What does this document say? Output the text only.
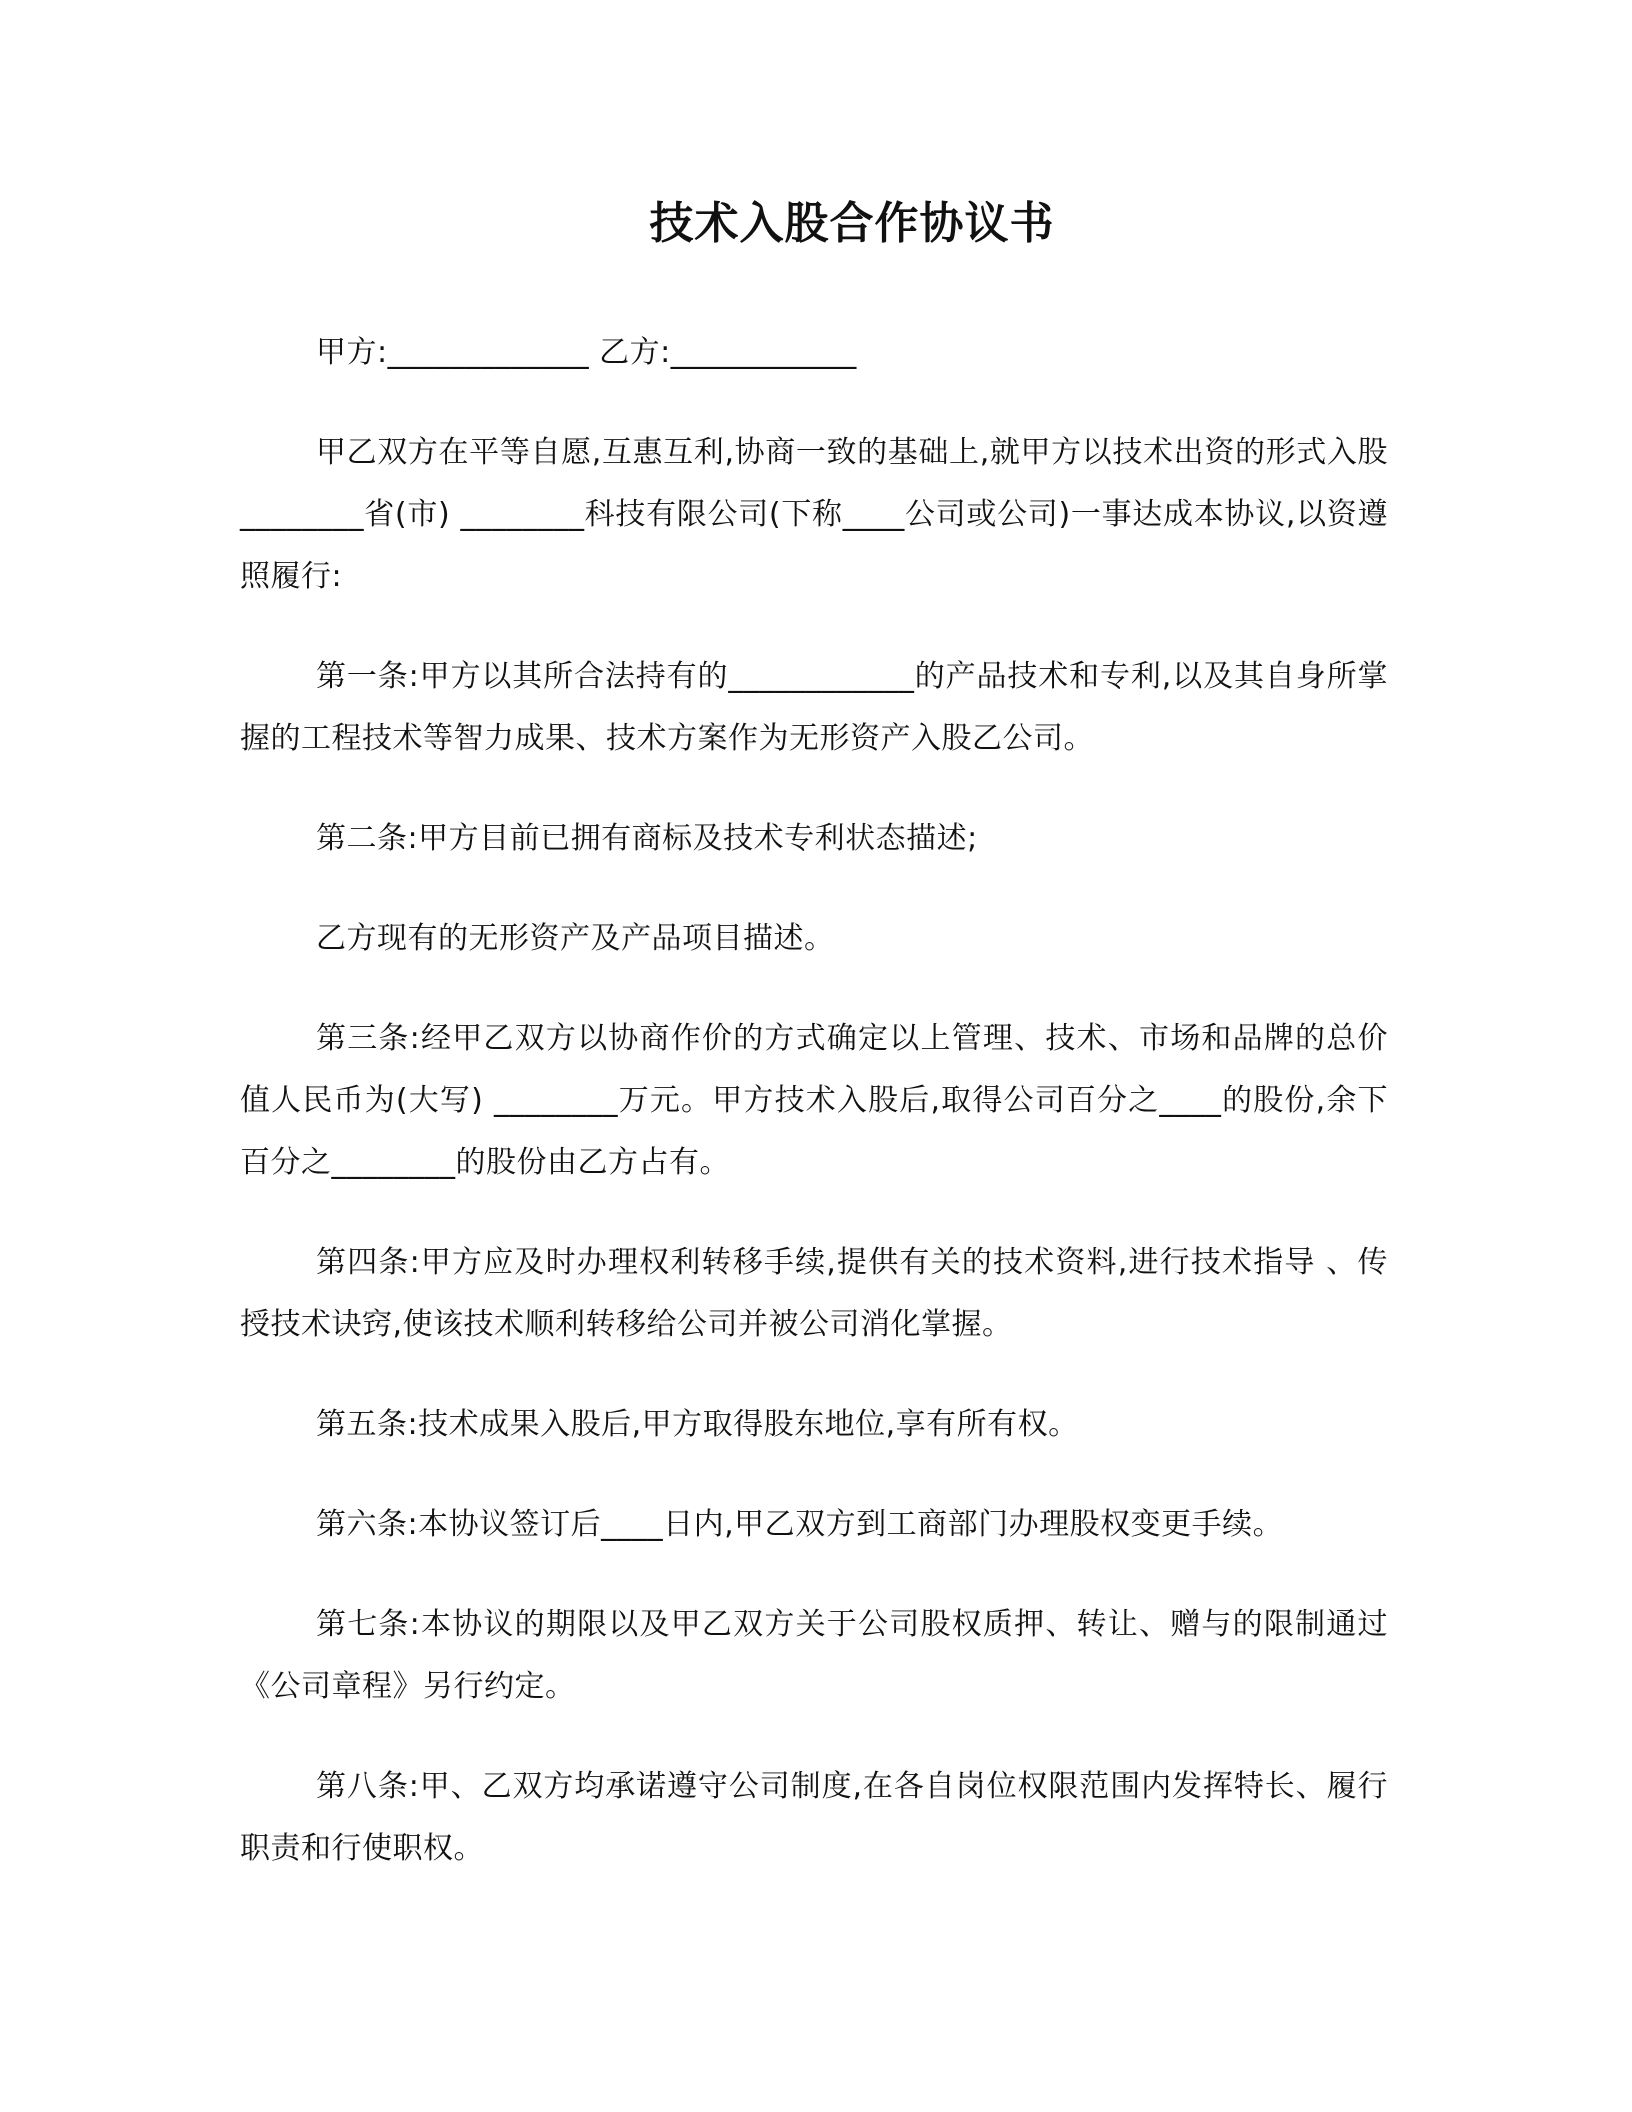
技术入股合作协议书

甲方:_____________ 乙方:____________

甲乙双方在平等自愿,互惠互利,协商一致的基础上,就甲方以技术出资的形式入股________省(市) ________科技有限公司(下称____公司或公司)一事达成本协议,以资遵照履行:

第一条:甲方以其所合法持有的____________的产品技术和专利,以及其自身所掌握的工程技术等智力成果、技术方案作为无形资产入股乙公司。

第二条:甲方目前已拥有商标及技术专利状态描述;

乙方现有的无形资产及产品项目描述。

第三条:经甲乙双方以协商作价的方式确定以上管理、技术、市场和品牌的总价值人民币为(大写) ________万元。甲方技术入股后,取得公司百分之____的股份,余下百分之________的股份由乙方占有。

第四条:甲方应及时办理权利转移手续,提供有关的技术资料,进行技术指导 、传授技术诀窍,使该技术顺利转移给公司并被公司消化掌握。

第五条:技术成果入股后,甲方取得股东地位,享有所有权。

第六条:本协议签订后____日内,甲乙双方到工商部门办理股权变更手续。

第七条:本协议的期限以及甲乙双方关于公司股权质押、转让、赠与的限制通过《公司章程》另行约定。

第八条:甲、乙双方均承诺遵守公司制度,在各自岗位权限范围内发挥特长、履行职责和行使职权。
